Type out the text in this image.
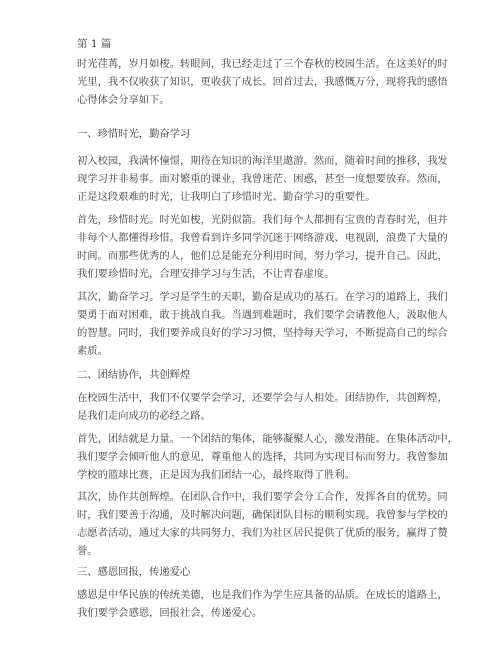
第 1 篇
时光荏苒，岁月如梭。转眼间，我已经走过了三个春秋的校园生活。在这美好的时
光里，我不仅收获了知识，更收获了成长。回首过去，我感慨万分，现将我的感悟
心得体会分享如下。
一、珍惜时光，勤奋学习
初入校园，我满怀憧憬，期待在知识的海洋里遨游。然而，随着时间的推移，我发
现学习并非易事。面对繁重的课业，我曾迷茫、困惑，甚至一度想要放弃。然而，
正是这段艰难的时光，让我明白了珍惜时光、勤奋学习的重要性。
首先，珍惜时光。时光如梭，光阴似箭。我们每个人都拥有宝贵的青春时光，但并
非每个人都懂得珍惜。我曾看到许多同学沉迷于网络游戏、电视剧，浪费了大量的
时间。而那些优秀的人，他们总是能充分利用时间，努力学习，提升自己。因此，
我们要珍惜时光，合理安排学习与生活，不让青春虚度。
其次，勤奋学习。学习是学生的天职，勤奋是成功的基石。在学习的道路上，我们
要勇于面对困难，敢于挑战自我。当遇到难题时，我们要学会请教他人，汲取他人
的智慧。同时，我们要养成良好的学习习惯，坚持每天学习，不断提高自己的综合
素质。
二、团结协作，共创辉煌
在校园生活中，我们不仅要学会学习，还要学会与人相处。团结协作，共创辉煌，
是我们走向成功的必经之路。
首先，团结就是力量。一个团结的集体，能够凝聚人心，激发潜能。在集体活动中，
我们要学会倾听他人的意见，尊重他人的选择，共同为实现目标而努力。我曾参加
学校的篮球比赛，正是因为我们团结一心，最终取得了胜利。
其次，协作共创辉煌。在团队合作中，我们要学会分工合作，发挥各自的优势。同
时，我们要善于沟通，及时解决问题，确保团队目标的顺利实现。我曾参与学校的
志愿者活动，通过大家的共同努力，我们为社区居民提供了优质的服务，赢得了赞
誉。
三、感恩回报，传递爱心
感恩是中华民族的传统美德，也是我们作为学生应具备的品质。在成长的道路上，
我们要学会感恩，回报社会，传递爱心。
